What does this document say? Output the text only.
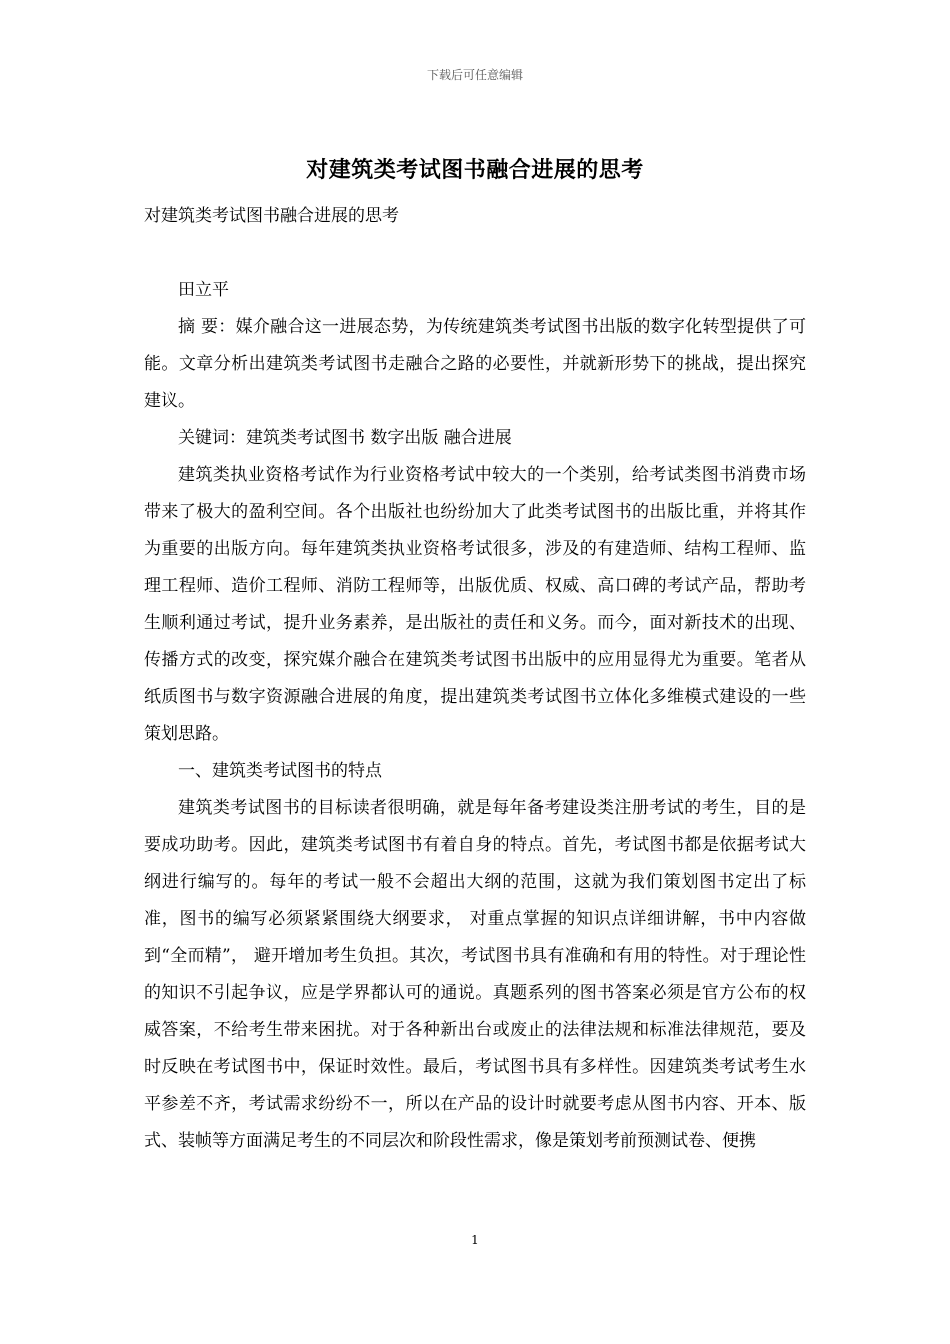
下载后可任意编辑
对建筑类考试图书融合进展的思考

对建筑类考试图书融合进展的思考

田立平

摘 要：媒介融合这一进展态势，为传统建筑类考试图书出版的数字化转型提供了可能。文章分析出建筑类考试图书走融合之路的必要性，并就新形势下的挑战，提出探究建议。

关键词：建筑类考试图书 数字出版 融合进展

建筑类执业资格考试作为行业资格考试中较大的一个类别，给考试类图书消费市场带来了极大的盈利空间。各个出版社也纷纷加大了此类考试图书的出版比重，并将其作为重要的出版方向。每年建筑类执业资格考试很多，涉及的有建造师、结构工程师、监理工程师、造价工程师、消防工程师等，出版优质、权威、高口碑的考试产品，帮助考生顺利通过考试，提升业务素养，是出版社的责任和义务。而今，面对新技术的出现、传播方式的改变，探究媒介融合在建筑类考试图书出版中的应用显得尤为重要。笔者从纸质图书与数字资源融合进展的角度，提出建筑类考试图书立体化多维模式建设的一些策划思路。

一、建筑类考试图书的特点

建筑类考试图书的目标读者很明确，就是每年备考建设类注册考试的考生，目的是要成功助考。因此，建筑类考试图书有着自身的特点。首先，考试图书都是依据考试大纲进行编写的。每年的考试一般不会超出大纲的范围，这就为我们策划图书定出了标准，图书的编写必须紧紧围绕大纲要求， 对重点掌握的知识点详细讲解，书中内容做到“全而精”， 避开增加考生负担。其次，考试图书具有准确和有用的特性。对于理论性的知识不引起争议，应是学界都认可的通说。真题系列的图书答案必须是官方公布的权威答案，不给考生带来困扰。对于各种新出台或废止的法律法规和标准法律规范，要及时反映在考试图书中，保证时效性。最后，考试图书具有多样性。因建筑类考试考生水平参差不齐，考试需求纷纷不一，所以在产品的设计时就要考虑从图书内容、开本、版式、装帧等方面满足考生的不同层次和阶段性需求，像是策划考前预测试卷、便携

1
